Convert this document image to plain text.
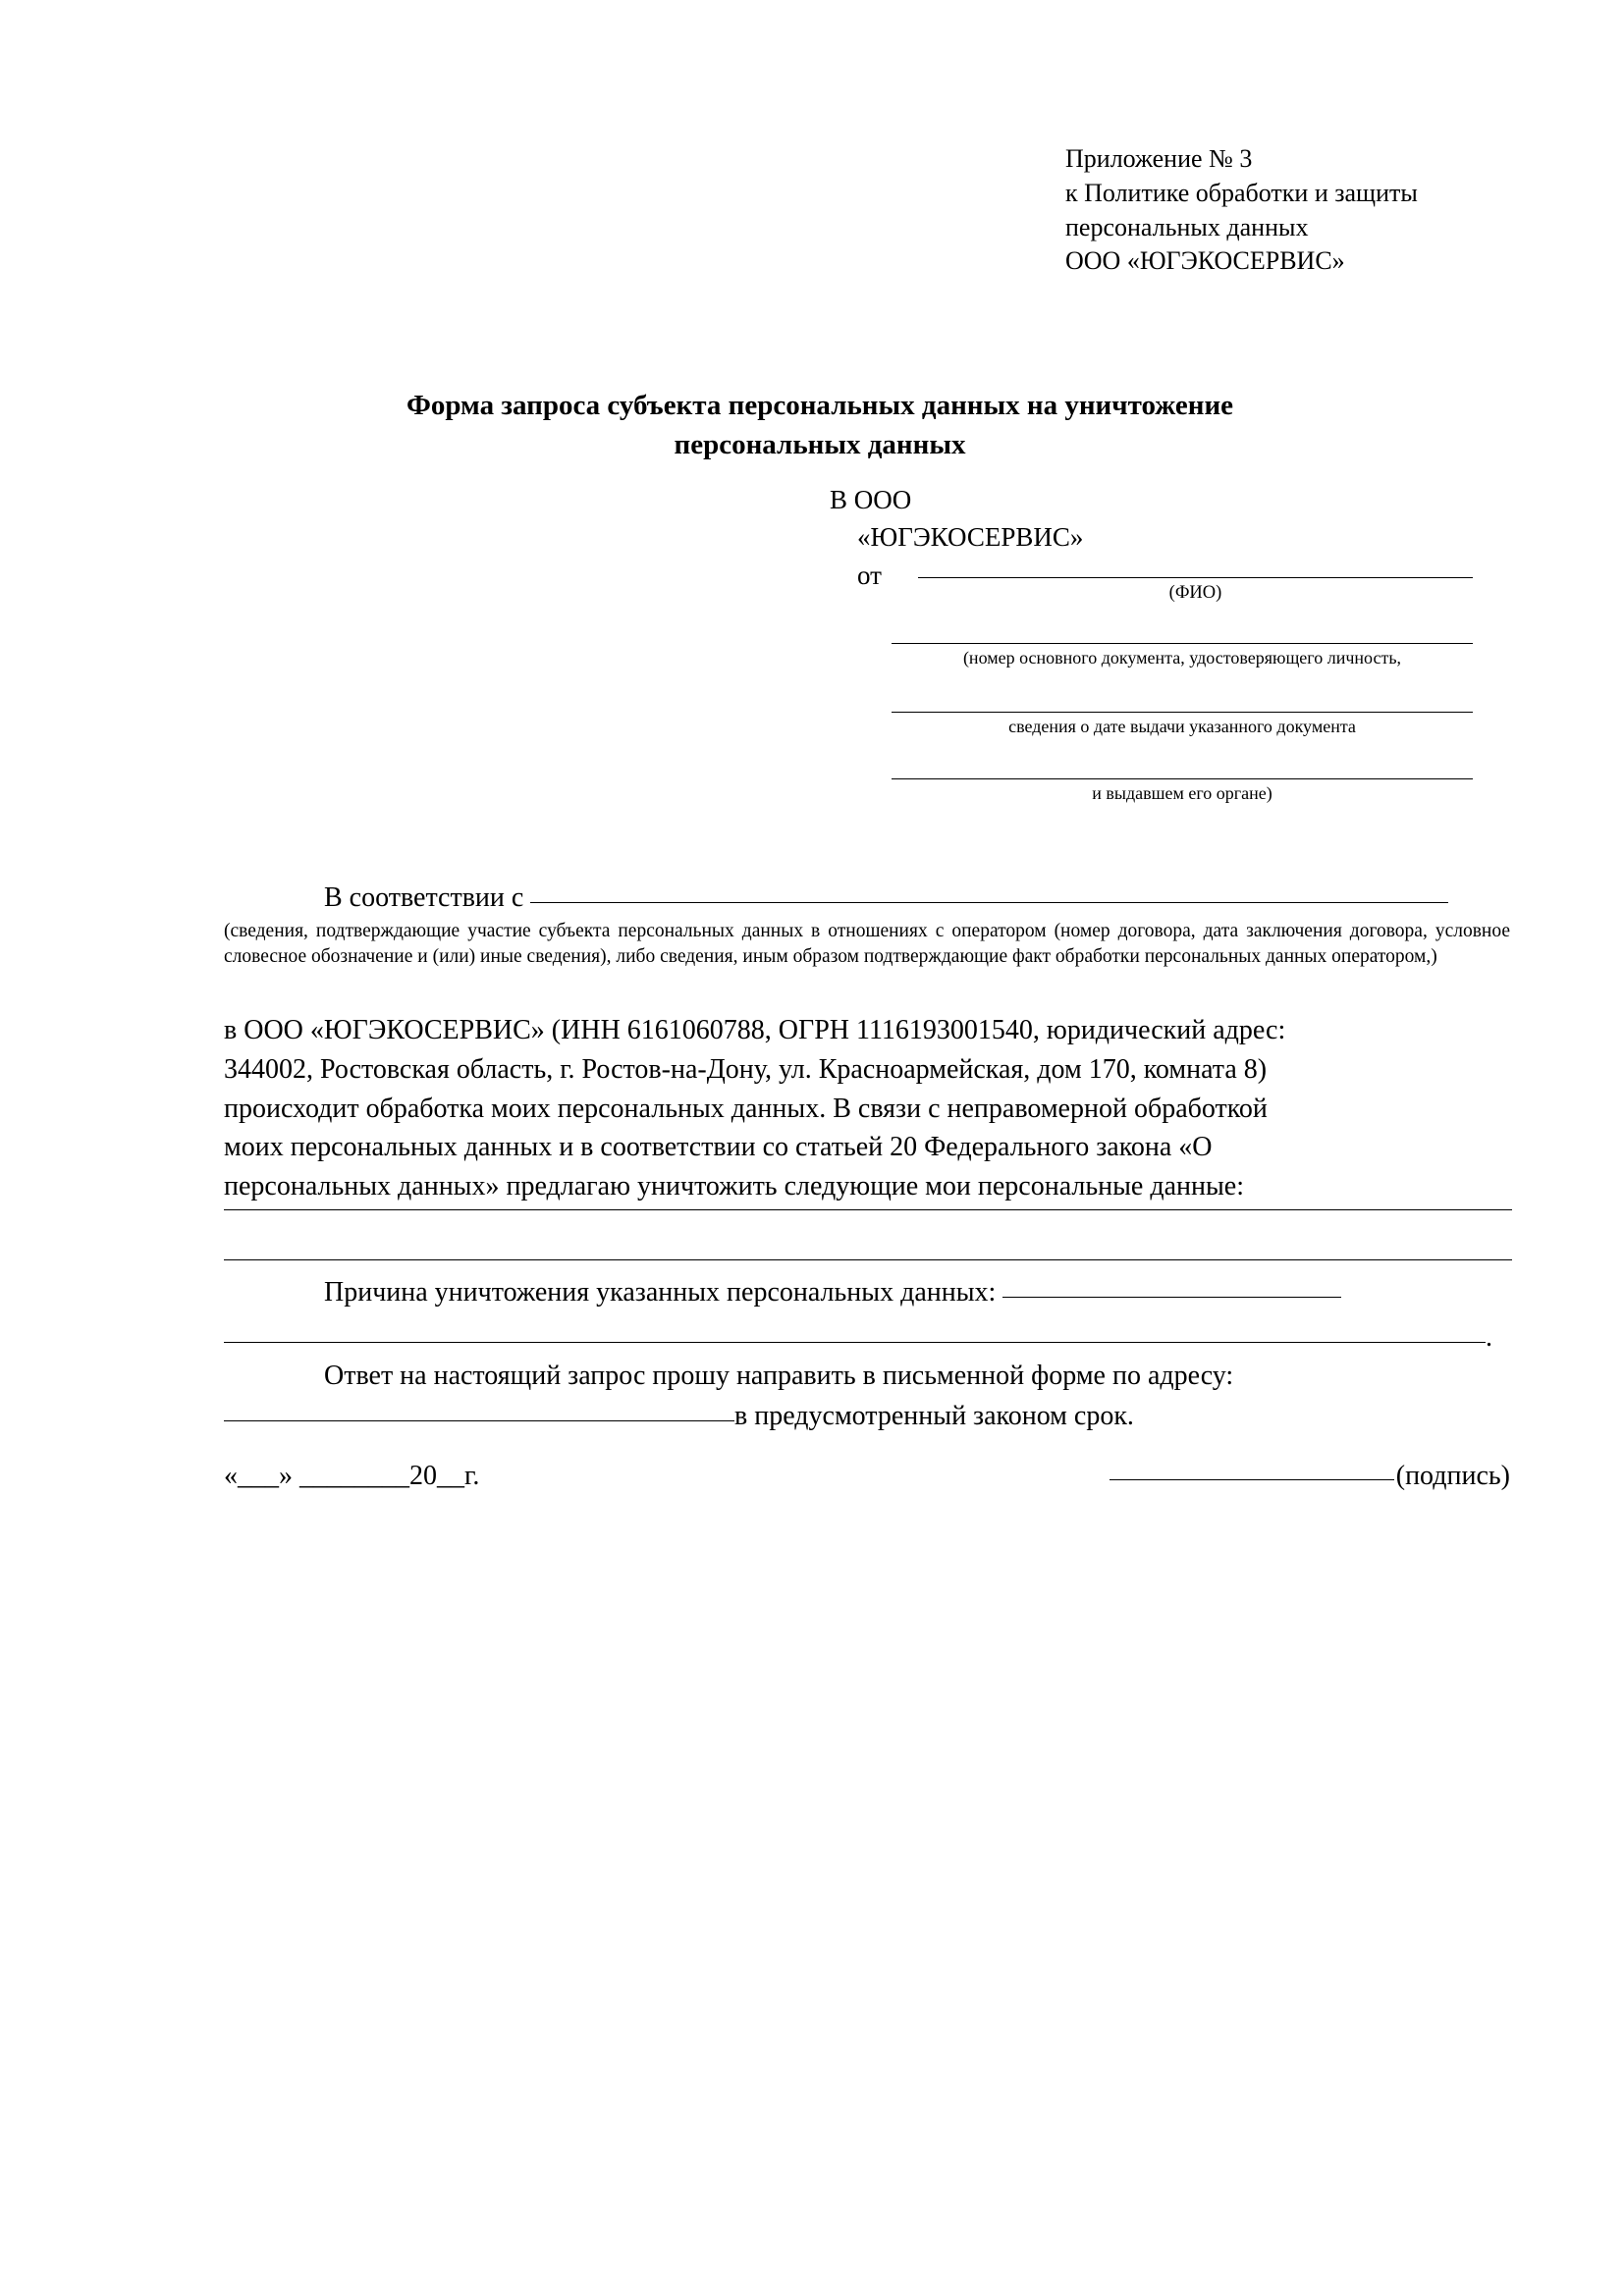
Приложение № 3
к Политике обработки и защиты
персональных данных
ООО «ЮГЭКОСЕРВИС»
Форма запроса субъекта персональных данных на уничтожение
персональных данных
В ООО
«ЮГЭКОСЕРВИС»
от
(ФИО)
(номер основного документа, удостоверяющего личность,
сведения о дате выдачи указанного документа
и выдавшем его органе)
В соответствии с
(сведения, подтверждающие участие субъекта персональных данных в отношениях с оператором (номер договора, дата заключения договора, условное словесное обозначение и (или) иные сведения), либо сведения, иным образом подтверждающие факт обработки персональных данных оператором,)
в ООО «ЮГЭКОСЕРВИС» (ИНН 6161060788, ОГРН 1116193001540, юридический адрес:
344002, Ростовская область, г. Ростов-на-Дону, ул. Красноармейская, дом 170, комната 8)
происходит обработка моих персональных данных. В связи с неправомерной обработкой
моих персональных данных и в соответствии со статьей 20 Федерального закона «О
персональных данных» предлагаю уничтожить следующие мои персональные данные:
Причина уничтожения указанных персональных данных:
.
Ответ на настоящий запрос прошу направить в письменной форме по адресу:
в предусмотренный законом срок.
«___» ________20__г.	(подпись)
